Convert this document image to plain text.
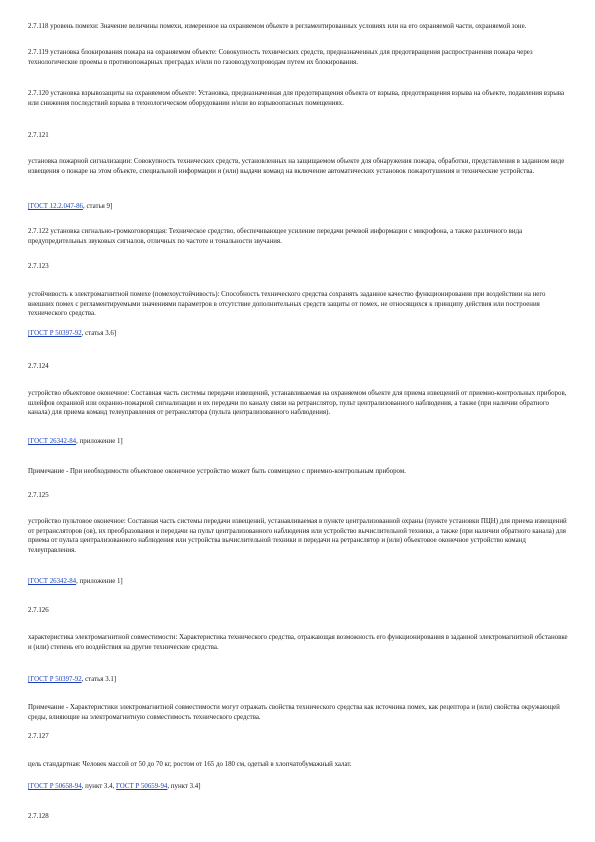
2.7.118 уровень помехи: Значение величины помехи, измеренное на охраняемом объекте в регламентированных условиях или на его охраняемой части, охраняемой зоне.

2.7.119 установка блокирования пожара на охраняемом объекте: Совокупность технических средств, предназначенных для предотвращения распространения пожара через технологические проемы в противопожарных преградах и/или по газовоздухопроводам путем их блокирования.

2.7.120 установка взрывозащиты на охраняемом объекте: Установка, предназначенная для предотвращения объекта от взрыва, предотвращения взрыва на объекте, подавления взрыва или снижения последствий взрыва в технологическом оборудовании и/или во взрывоопасных помещениях.

2.7.121

установка пожарной сигнализации: Совокупность технических средств, установленных на защищаемом объекте для обнаружения пожара, обработки, представления в заданном виде извещения о пожаре на этом объекте, специальной информации и (или) выдачи команд на включение автоматических установок пожаротушения и технические устройства.

[ГОСТ 12.2.047-86, статья 9]

2.7.122 установка сигнально-громкоговорящая: Техническое средство, обеспечивающее усиление передачи речевой информации с микрофона, а также различного вида предупредительных звуковых сигналов, отличных по частоте и тональности звучания.

2.7.123

устойчивость к электромагнитной помехе (помехоустойчивость): Способность технического средства сохранять заданное качество функционирования при воздействии на него внешних помех с регламентируемыми значениями параметров в отсутствие дополнительных средств защиты от помех, не относящихся к принципу действия или построения технического средства.

[ГОСТ Р 50397-92, статья 3.6]

2.7.124

устройство объектовое оконечное: Составная часть системы передачи извещений, устанавливаемая на охраняемом объекте для приема извещений от приемно-контрольных приборов, шлейфов охранной или охранно-пожарной сигнализации и их передачи по каналу связи на ретранслятор, пульт централизованного наблюдения, а также (при наличии обратного канала) для приема команд телеуправления от ретранслятора (пульта централизованного наблюдения).

[ГОСТ 26342-84, приложение 1]

Примечание - При необходимости объектовое оконечное устройство может быть совмещено с приемно-контрольным прибором.

2.7.125

устройство пультовое оконечное: Составная часть системы передачи извещений, устанавливаемая в пункте централизованной охраны (пункте установки ПЦН) для приема извещений от ретрансляторов (ов), их преобразования и передачи на пульт централизованного наблюдения или устройство вычислительной техники, а также (при наличии обратного канала) для приема от пульта централизованного наблюдения или устройства вычислительной техники и передачи на ретранслятор и (или) объектовое оконечное устройство команд телеуправления.

[ГОСТ 26342-84, приложение 1]

2.7.126

характеристика электромагнитной совместимости: Характеристика технического средства, отражающая возможность его функционирования в заданной электромагнитной обстановке и (или) степень его воздействия на другие технические средства.

[ГОСТ Р 50397-92, статья 3.1]

Примечание - Характеристики электромагнитной совместимости могут отражать свойства технического средства как источника помех, как рецептора и (или) свойства окружающей среды, влияющие на электромагнитную совместимость технического средства.

2.7.127

цель стандартная: Человек массой от 50 до 70 кг, ростом от 165 до 180 см, одетый в хлопчатобумажный халат.

[ГОСТ Р 50658-94, пункт 3.4, ГОСТ Р 50659-94, пункт 3.4]

2.7.128
